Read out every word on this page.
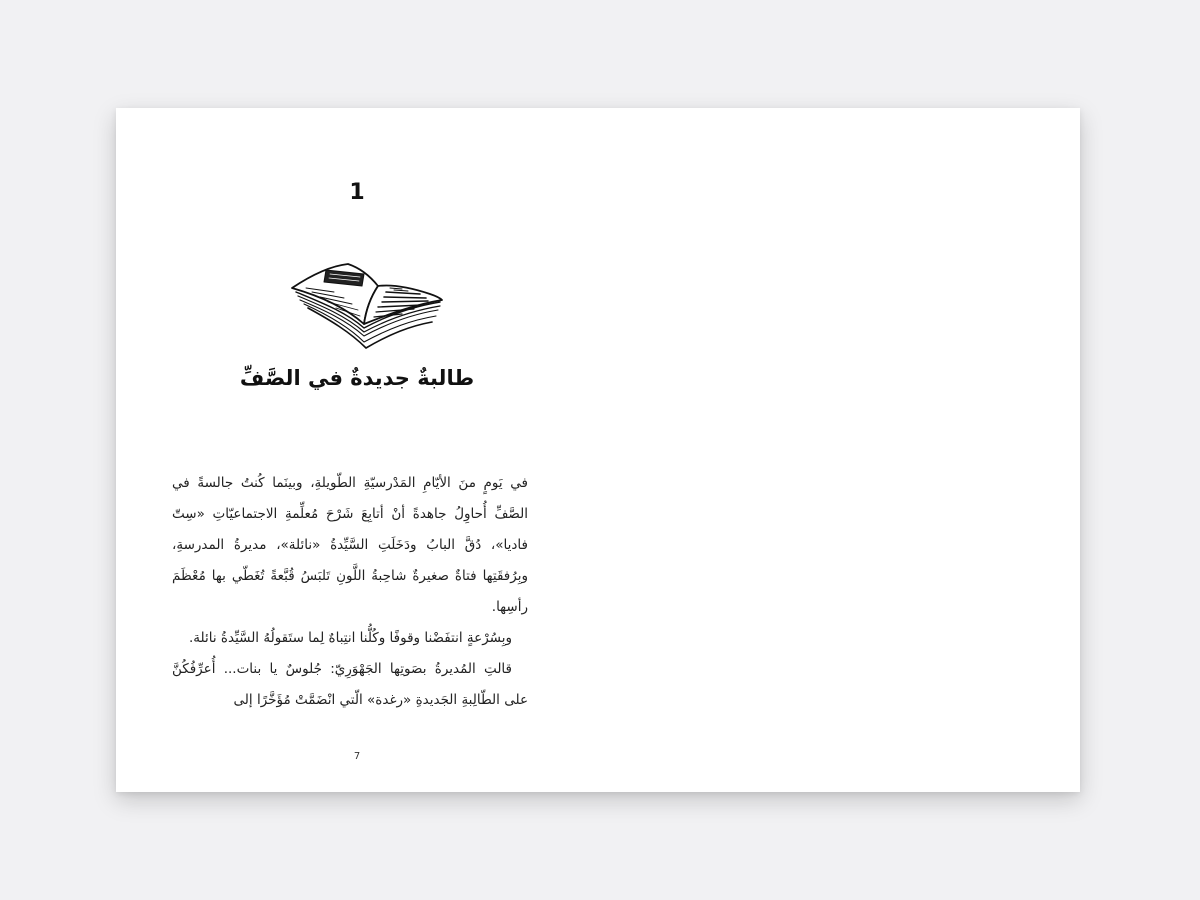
1
طالبةٌ جديدةٌ في الصَّفِّ

في يَومٍ منَ الأيّامِ المَدْرسيّةِ الطّويلةِ، وبينَما كُنتُ جالسةً في الصَّفِّ أُحاوِلُ جاهدةً أنْ أتابِعَ شَرْحَ مُعلِّمةِ الاجتماعيّاتِ «سِتّ فاديا»، دُقَّ البابُ ودَخَلَتِ السَّيِّدةُ «نائلة»، مديرةُ المدرسةِ، وبِرُفقَتِها فتاةٌ صغيرةٌ شاحِبةُ اللَّونِ تَلبَسُ قُبَّعةً تُغَطّي بها مُعْظَمَ رأسِها.

وبِسُرْعةٍ انتفَضْنا وقوفًا وكُلُّنا انتِباهٌ لِما ستَقولُهُ السَّيِّدةُ نائلة.

قالتِ المُديرةُ بصَوتِها الجَهْوَرِيّ: جُلوسٌ يا بنات... أُعرِّفُكُنَّ على الطّالِبةِ الجَديدةِ «رغدة» الّتي انْضَمَّتْ مُؤَخَّرًا إلى

7
